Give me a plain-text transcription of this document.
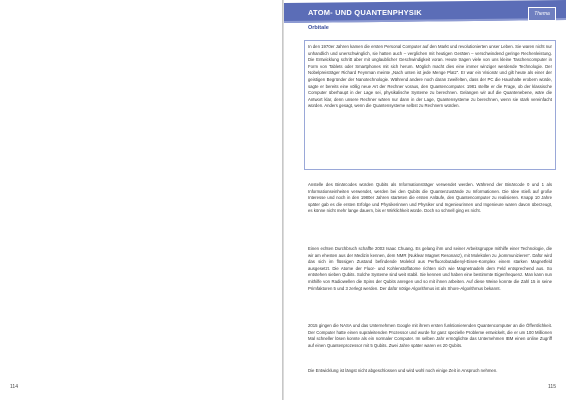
114
ATOM- UND QUANTENPHYSIK	Thema
Orbitale
In den 1970er Jahren kamen die ersten Personal Computer auf den Markt und revolutionierten unser Leben. Sie waren nicht nur unhandlich und unerschwinglich, sie hatten auch – verglichen mit heutigen Geräten – verschwindend geringe Rechenleistung. Die Entwicklung schritt aber mit unglaublicher Geschwindigkeit voran. Heute tragen viele von uns kleine Taschencomputer in Form von Tablets oder Smartphones mit sich herum. Möglich macht dies eine immer winziger werdende Technologie. Der Nobelpreisträger Richard Feynman meinte „Nach unten ist jede Menge Platz“. Er war ein Visionär und gilt heute als einer der geistigen Begründer der Nanotechnologie. Während andere noch daran zweifelten, dass der PC die Haushalte erobern würde, sagte er bereits eine völlig neue Art der Rechner voraus, den Quantencomputer. 1981 stellte er die Frage, ob der klassische Computer überhaupt in der Lage sei, physikalische Systeme zu berechnen. Gelangen wir auf die Quantenebene, wäre die Antwort klar, denn unsere Rechner wären nur dann in der Lage, Quantensysteme zu berechnen, wenn sie stark vereinfacht würden. Anders gesagt, wenn die Quantensysteme selbst zu Rechnern würden.
Anstelle des Binärcodes würden Qubits als Informationsträger verwendet werden. Während der Binärcode 0 und 1 als Informationseinheiten verwendet, werden bei den Qubits die Quantenzustände zu Informationen. Die Idee stieß auf große Interesse und noch in den 1980er Jahren starteten die ersten Anläufe, den Quantencomputer zu realisieren. Knapp 10 Jahre später gab es die ersten Erfolge und Physikerinnen und Physiker und Ingenieurinnen und Ingenieure waren davon überzeugt, es könne nicht mehr lange dauern, bis er Wirklichkeit würde. Doch so schnell ging es nicht.
Einen echten Durchbruch schaffte 2003 Isaac Chuang. Es gelang ihm und seiner Arbeitsgruppe mithilfe einer Technologie, die wir am ehesten aus der Medizin kennen, dem NMR (Nuklear Magnet Resonanz), mit Molekülen zu „kommunizieren“. Dafür wird das sich im flüssigen Zustand befindende Molekül aus Perfluorobutadienyl-Eisen-Komplex einem starken Magnetfeld ausgesetzt. Die Atome der Fluor- und Kohlenstoffatome richten sich wie Magnetnadeln dem Feld entsprechend aus. So entstehen sieben Qubits. Solche Systeme sind weit stabil. Sie kennen und haben eine bestimmte Eigenfrequenz. Man kann nun mithilfe von Radiowellen die Spins der Qubits anregen und so mit ihnen arbeiten. Auf diese Weise konnte die Zahl 15 in seine Primfaktoren 5 und 3 zerlegt werden. Der dafür nötige Algorithmus ist als Shore-Algorithmus bekannt.
2015 gingen die NASA und das Unternehmen Google mit ihrem ersten funktionierenden Quantencomputer an die Öffentlichkeit. Der Computer hatte einen supraleitenden Prozessor und wurde für ganz spezielle Probleme entwickelt, die er um 100 Millionen Mal schneller lösen konnte als ein normaler Computer. Im selben Jahr ermöglichte das Unternehmen IBM einen online Zugriff auf einen Quantenprozessor mit 5 Qubits. Zwei Jahre später waren es 20 Qubits.
Die Entwicklung ist längst nicht abgeschlossen und wird wohl noch einige Zeit in Anspruch nehmen.
115
